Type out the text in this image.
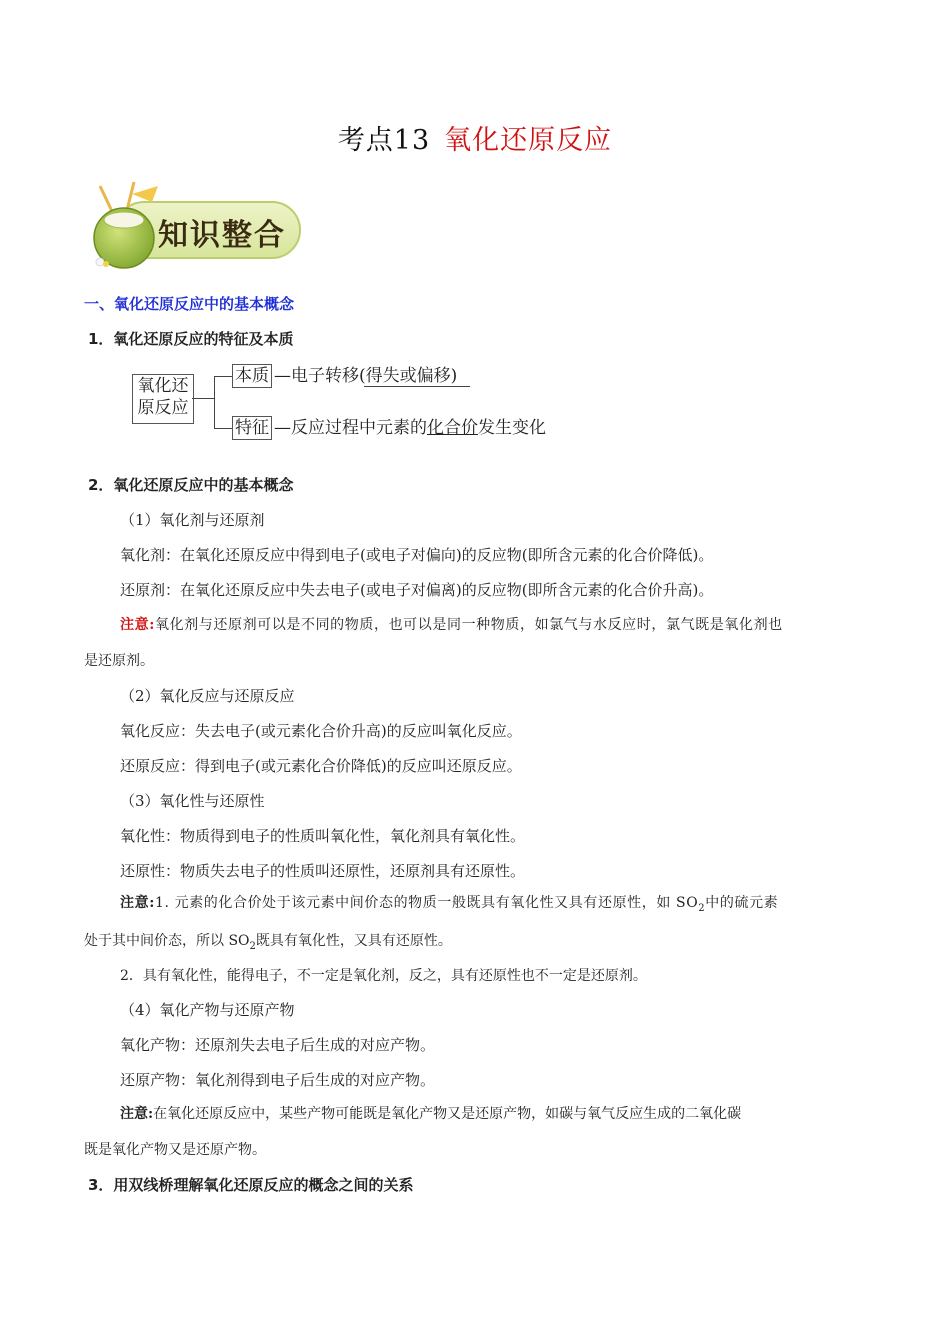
考点13 氧化还原反应
知识整合
一、氧化还原反应中的基本概念
1．氧化还原反应的特征及本质
氧化还
原反应
本质 —电子转移(得失或偏移)
特征 —反应过程中元素的化合价发生变化
2．氧化还原反应中的基本概念
（1）氧化剂与还原剂
氧化剂：在氧化还原反应中得到电子(或电子对偏向)的反应物(即所含元素的化合价降低)。
还原剂：在氧化还原反应中失去电子(或电子对偏离)的反应物(即所含元素的化合价升高)。
注意:氧化剂与还原剂可以是不同的物质，也可以是同一种物质，如氯气与水反应时，氯气既是氧化剂也
是还原剂。
（2）氧化反应与还原反应
氧化反应：失去电子(或元素化合价升高)的反应叫氧化反应。
还原反应：得到电子(或元素化合价降低)的反应叫还原反应。
（3）氧化性与还原性
氧化性：物质得到电子的性质叫氧化性，氧化剂具有氧化性。
还原性：物质失去电子的性质叫还原性，还原剂具有还原性。
注意:1. 元素的化合价处于该元素中间价态的物质一般既具有氧化性又具有还原性，如 $SO_2$中的硫元素
处于其中间价态，所以 $SO_2$既具有氧化性，又具有还原性。
2．具有氧化性，能得电子，不一定是氧化剂，反之，具有还原性也不一定是还原剂。
（4）氧化产物与还原产物
氧化产物：还原剂失去电子后生成的对应产物。
还原产物：氧化剂得到电子后生成的对应产物。
注意:在氧化还原反应中，某些产物可能既是氧化产物又是还原产物，如碳与氧气反应生成的二氧化碳
既是氧化产物又是还原产物。
3．用双线桥理解氧化还原反应的概念之间的关系
